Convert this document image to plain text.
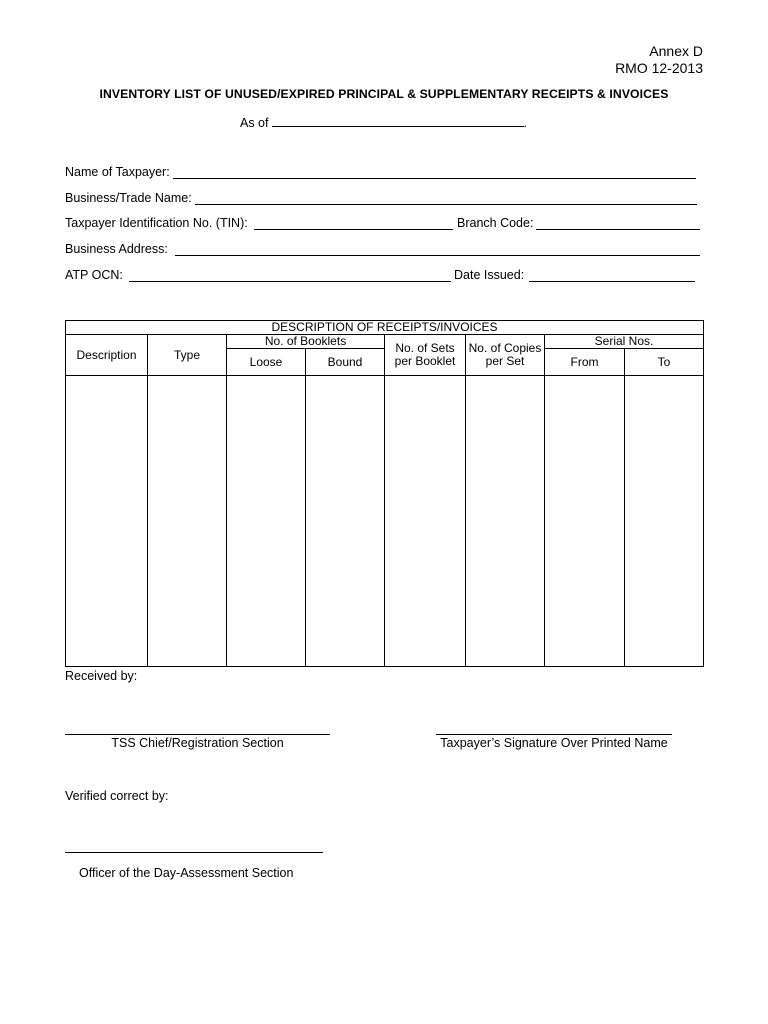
Annex D
RMO 12-2013
INVENTORY LIST OF UNUSED/EXPIRED PRINCIPAL & SUPPLEMENTARY RECEIPTS & INVOICES
As of	.
Name of Taxpayer:
Business/Trade Name:
Taxpayer Identification No. (TIN):	Branch Code:
Business Address:
ATP OCN:	Date Issued:
DESCRIPTION OF RECEIPTS/INVOICES							
Description	Type	No. of Booklets		No. of Sets per Booklet	No. of Copies per Set	Serial Nos.	
		Loose	Bound			From	To

Received by:
TSS Chief/Registration Section	Taxpayer’s Signature Over Printed Name
Verified correct by:
Officer of the Day-Assessment Section
